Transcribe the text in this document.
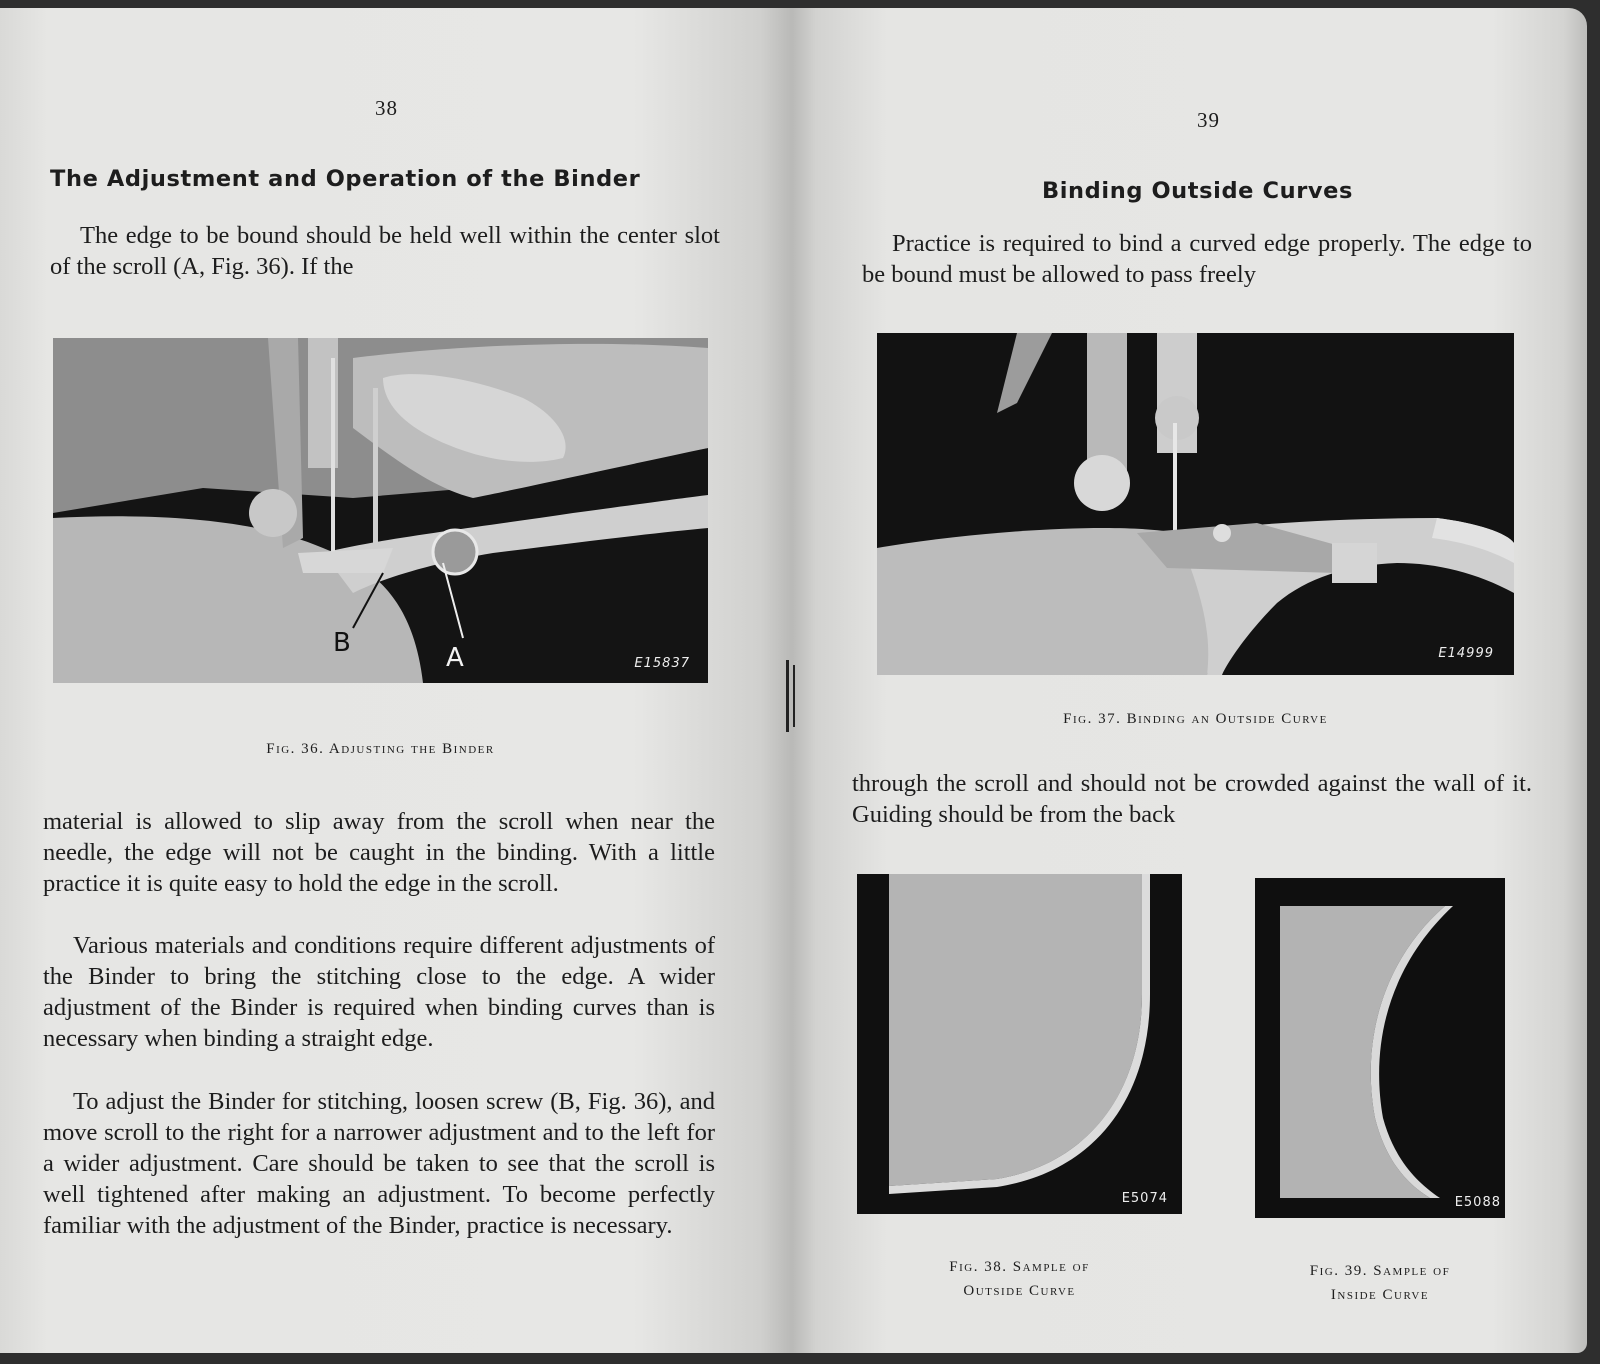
38
The Adjustment and Operation of the Binder

The edge to be bound should be held well within the center slot of the scroll (A, Fig. 36). If the

B	A	E15837
Fig. 36. Adjusting the Binder

material is allowed to slip away from the scroll when near the needle, the edge will not be caught in the binding. With a little practice it is quite easy to hold the edge in the scroll.

Various materials and conditions require different adjustments of the Binder to bring the stitching close to the edge. A wider adjustment of the Binder is required when binding curves than is necessary when binding a straight edge.

To adjust the Binder for stitching, loosen screw (B, Fig. 36), and move scroll to the right for a narrower adjustment and to the left for a wider adjustment. Care should be taken to see that the scroll is well tightened after making an adjustment. To become perfectly familiar with the adjustment of the Binder, practice is necessary.

39
Binding Outside Curves

Practice is required to bind a curved edge properly. The edge to be bound must be allowed to pass freely

E14999
Fig. 37. Binding an Outside Curve

through the scroll and should not be crowded against the wall of it. Guiding should be from the back

E5074
Fig. 38. Sample of
Outside Curve
E5088
Fig. 39. Sample of
Inside Curve
